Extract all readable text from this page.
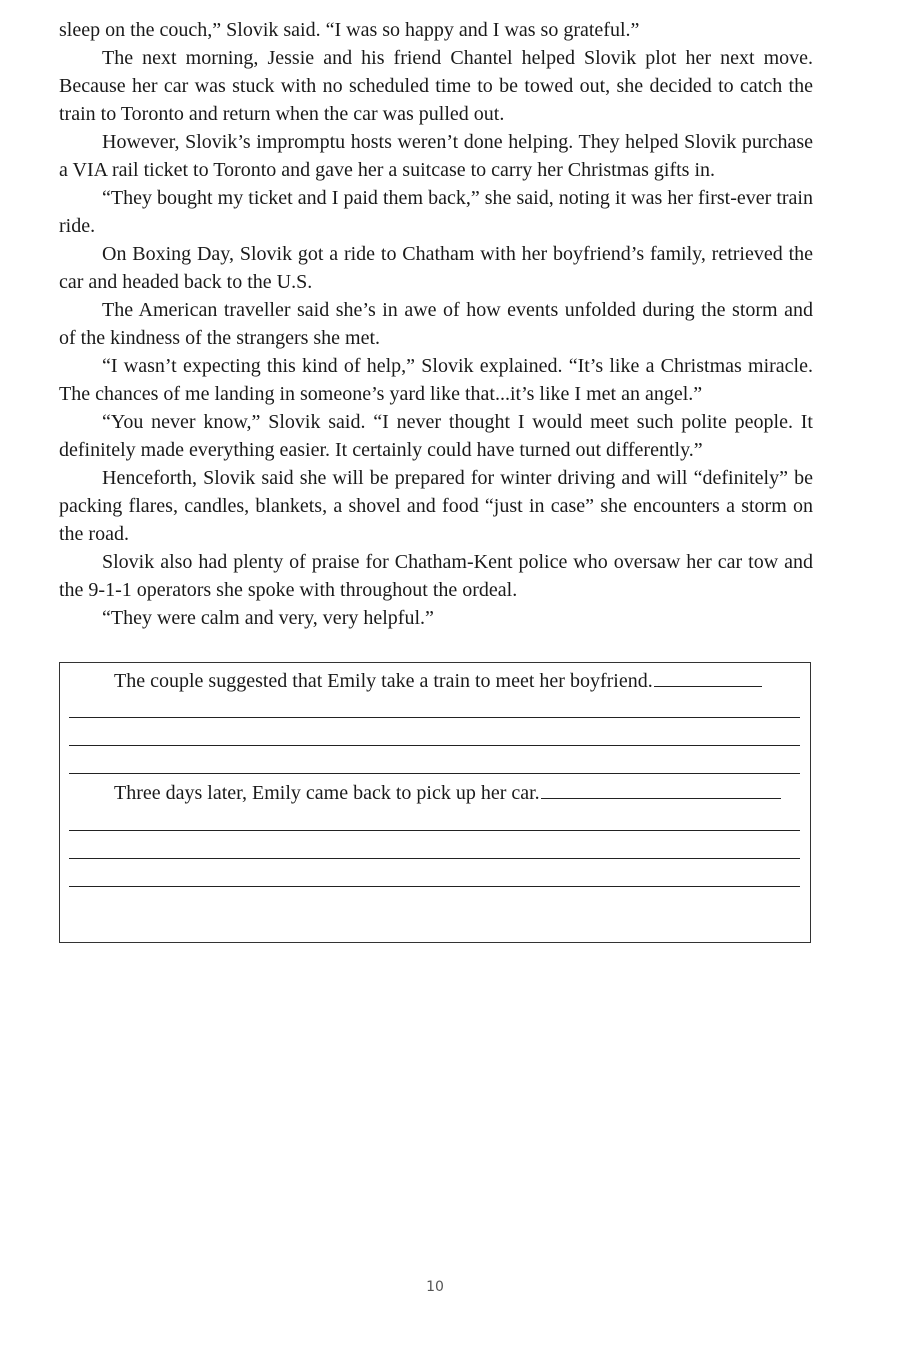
sleep on the couch,” Slovik said. “I was so happy and I was so grateful.”

The next morning, Jessie and his friend Chantel helped Slovik plot her next move. Because her car was stuck with no scheduled time to be towed out, she decided to catch the train to Toronto and return when the car was pulled out.

However, Slovik’s impromptu hosts weren’t done helping. They helped Slovik purchase a VIA rail ticket to Toronto and gave her a suitcase to carry her Christmas gifts in.

“They bought my ticket and I paid them back,” she said, noting it was her first-ever train ride.

On Boxing Day, Slovik got a ride to Chatham with her boyfriend’s family, retrieved the car and headed back to the U.S.

The American traveller said she’s in awe of how events unfolded during the storm and of the kindness of the strangers she met.

“I wasn’t expecting this kind of help,” Slovik explained. “It’s like a Christmas miracle. The chances of me landing in someone’s yard like that...it’s like I met an angel.”

“You never know,” Slovik said. “I never thought I would meet such polite people. It definitely made everything easier. It certainly could have turned out differently.”

Henceforth, Slovik said she will be prepared for winter driving and will “definitely” be packing flares, candles, blankets, a shovel and food “just in case” she encounters a storm on the road.

Slovik also had plenty of praise for Chatham-Kent police who oversaw her car tow and the 9-1-1 operators she spoke with throughout the ordeal.

“They were calm and very, very helpful.”

The couple suggested that Emily take a train to meet her boyfriend.
Three days later, Emily came back to pick up her car.
10
